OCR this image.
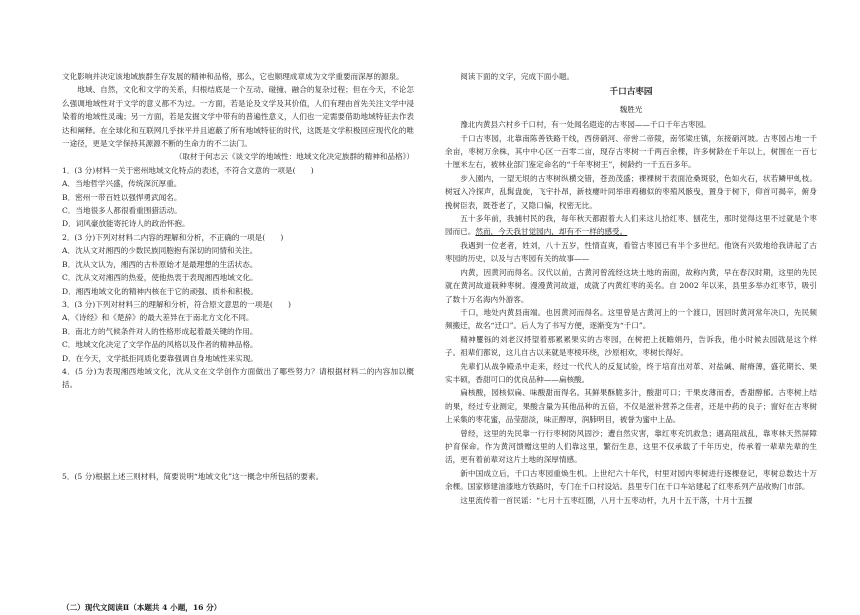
文化影响并决定该地域族群生存发展的精神和品格，那么，它也顺理成章成为文学重要而深厚的源泉。

地域、自然，文化和文学的关系，归根结底是一个互动、碰撞、融合的复杂过程；但在今天，不论怎么强调地域性对于文学的意义都不为过。一方面，若是论及文学及其价值，人们有理由首先关注文学中浸染着的地域性灵魂；另一方面，若是发掘文学中带有的普遍性意义，人们也一定需要借助地域特征去作表达和阐释。在全球化和互联网几乎抹平并且遮蔽了所有地域特征的时代，这既是文学积极回应现代化的唯一途径，更是文学保持其源源不断的生命力的不二法门。

（取材于何志云《谈文学的地域性：地域文化决定族群的精神和品格》）

1．(3 分)材料一关于密州地域文化特点的表述，不符合文意的一项是(　　)

A．当地哲学兴盛，传统深沉厚重。

B．密州一带百姓以强悍勇武闻名。

C．当地很多人都很看重围猎活动。

D．词风豪放能寄托诗人的政治怀抱。

2．(3 分)下列对材料二内容的理解和分析，不正确的一项是(　　)

A．沈从文对湘西的少数民族同胞抱有深切的同情和关注。

B．沈从文认为，湘西的古朴原始才是最理想的生活状态。

C．沈从文对湘西的热爱，使他热衷于表现湘西地域文化。

D．湘西地域文化的精神内核在于它的顽强、质朴和积极。

3．(3 分)下列对材料三的理解和分析，符合原文意思的一项是(　　)

A．《诗经》和《楚辞》的最大差异在于南北方文化不同。

B．南北方的气候条件对人的性格形成起着最关键的作用。

C．地域文化决定了文学作品的风格以及作者的精神品格。

D．在今天，文学抵拒同质化要靠强调自身地域性来实现。

4．(5 分)为表现湘西地域文化，沈从文在文学创作方面做出了哪些努力？请根据材料二的内容加以概括。

5．(5 分)根据上述三则材料，简要说明“地域文化”这一概念中所包括的要素。

（二）现代文阅读Ⅱ（本题共 4 小题，16 分）

阅读下面的文字，完成下面小题。

千口古枣园

魏胜光

豫北内黄县六村乡千口村，有一处闻名遐迩的古枣园——千口千年古枣园。

千口古枣园，北靠南陈善铁路干线，西傍硝河、帝喾二帝陵，南邻梁庄镇，东接硝河坡。古枣园占地一千余亩，枣树万余株，其中中心区一百零二亩，现存古枣树一千两百余棵，许多树龄在千年以上，树围在一百七十厘米左右，被林业部门鉴定命名的“千年枣树王”，树龄约一千五百多年。

步入園内，一望无垠的古枣树纵横交错，苍劲茂盛；裸裸树干表面沧桑斑驳，色如火石，状若鳞甲虬枝。树冠入冷探声，乱髯盘旋，飞宇扑昂，新枝瘿叶同举串鸡穗似的枣殖风骸曳，置身于树下，仰首可揭辛，俯身挽树臣表，既苍老了，又隐口偏，杈密无比。

五十多年前，我捕村民的我，每年秋天都跟着大人们来这儿拾红枣、刨花生，那时觉得这里不过就是个枣园而已。然而，今天我甘觉园内，却有不一样的感受。

我遇到一位老者，姓刘，八十五岁，性情直爽，看管古枣园已有半个多世纪。他饶有兴致地给我讲起了古枣园的历史，以及与古枣园有关的故事——

内黄，因黄河而得名。汉代以前，古黄河曾流经这块土地的南面，故称内黄，早在春汉时期，这里的先民就在黄河故道栽种枣树。漫漫黄河故道，成就了内黄红枣的美名。自 2002 年以来，县里多举办红枣节，吸引了数十万名海内外游客。

千口，地处内黄县南端。也因黄河而得名。这里曾是古黄河上的一个渡口，因回时黄河常年决口，先民频频搬迁，故名“迁口”。后人为了书写方便，逐渐变为“千口”。

精神矍铄的刘老汉捋望着那累累果实的古枣园，在树把上抚瞻娟丹，告诉我，他小时候去园就是这个样子。祖辈们都说，这儿自古以来就是枣棱环绕，沙原相欢，枣树长得好。

先辈们从战争殿杀中走来，经过一代代人的反复试验，终于培育出对革、对盐碱、耐瘠薄，盛花期长、果实丰硕，香甜可口的优良品种——扁核酸。

扁核酸，园核似扁、味酸甜而得名。其鲜果酥脆多汁，酸甜可口；干果皮薄而香，香甜醇郁。古枣树上结的果，经过专业测定，果酸含量为其他品种的五倍，不仅是滋补营养之佳者，还是中药的良子；窗好在古枣树上采集的枣花蜜，品莹甜淡，味正醇厚，润肺明目，被誉为蜜中上品。

曾经，这里的先民靠一行行枣树防风固沙；遭自然灾害，靠红枣充饥救急；遇高阻战乱，靠枣林天然屏障护育保命。作为黄河馈赠这里的人们靠这里，繁衍生息，这里不仅承载了千年历史，传承着一辈辈先辈的生活，更有着前辈对这片土地的深厚情感。

新中国成立后，千口古枣园重焕生机。上世纪六十年代，村里对园内枣树进行逐棵登记，枣树总数达十万余棵。国家修建油漆地方铁路时，专门在千口村设站。县里专门在千口车站建起了红枣系列产品收购门市部。

这里流传着一首民谣：“七月十五枣红圈，八月十五枣动杆，九月十五干落，十月十五揠
